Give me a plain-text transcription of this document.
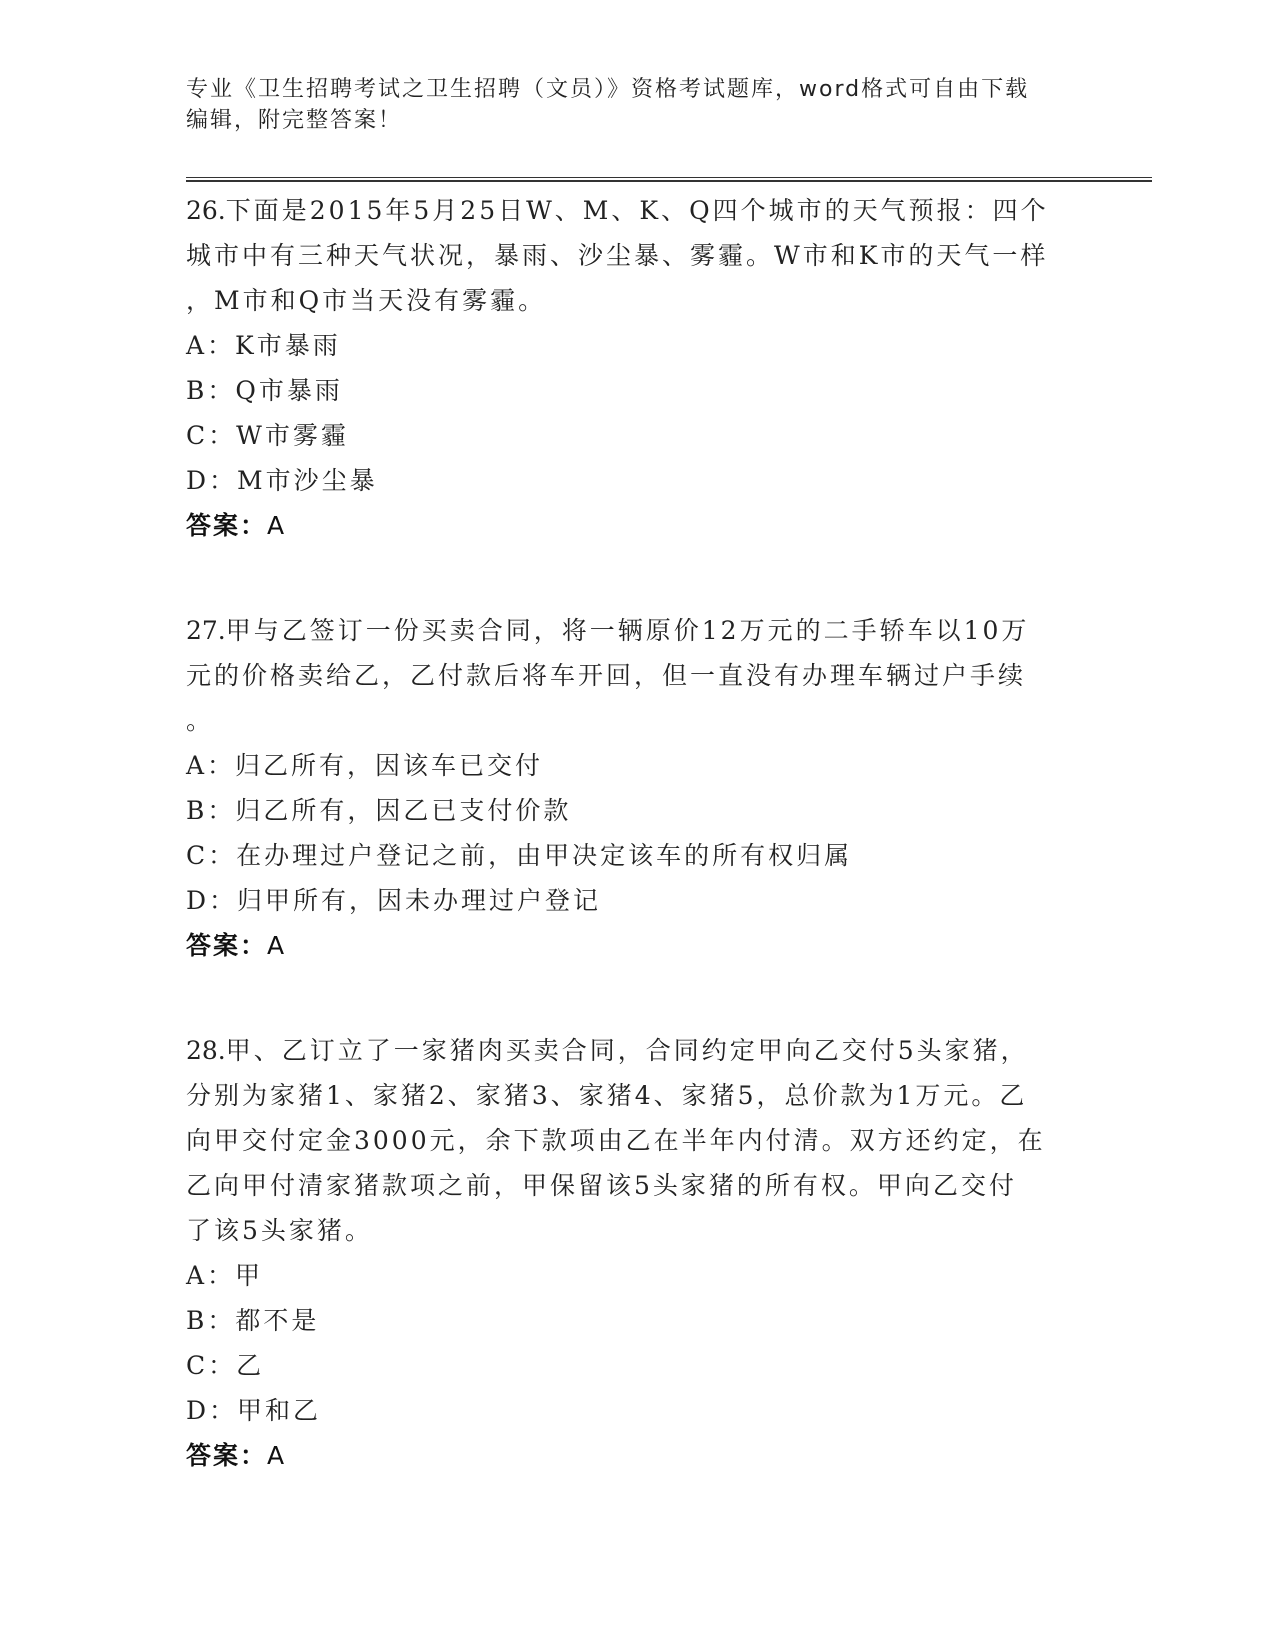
专业《卫生招聘考试之卫生招聘（文员）》资格考试题库，word格式可自由下载
编辑，附完整答案！
26.下面是2015年5月25日W、M、K、Q四个城市的天气预报：四个
城市中有三种天气状况，暴雨、沙尘暴、雾霾。W市和K市的天气一样
，M市和Q市当天没有雾霾。
A：K市暴雨
B：Q市暴雨
C：W市雾霾
D：M市沙尘暴
答案：A
27.甲与乙签订一份买卖合同，将一辆原价12万元的二手轿车以10万
元的价格卖给乙，乙付款后将车开回，但一直没有办理车辆过户手续
。
A：归乙所有，因该车已交付
B：归乙所有，因乙已支付价款
C：在办理过户登记之前，由甲决定该车的所有权归属
D：归甲所有，因未办理过户登记
答案：A
28.甲、乙订立了一家猪肉买卖合同，合同约定甲向乙交付5头家猪，
分别为家猪1、家猪2、家猪3、家猪4、家猪5，总价款为1万元。乙
向甲交付定金3000元，余下款项由乙在半年内付清。双方还约定，在
乙向甲付清家猪款项之前，甲保留该5头家猪的所有权。甲向乙交付
了该5头家猪。
A：甲
B：都不是
C：乙
D：甲和乙
答案：A
